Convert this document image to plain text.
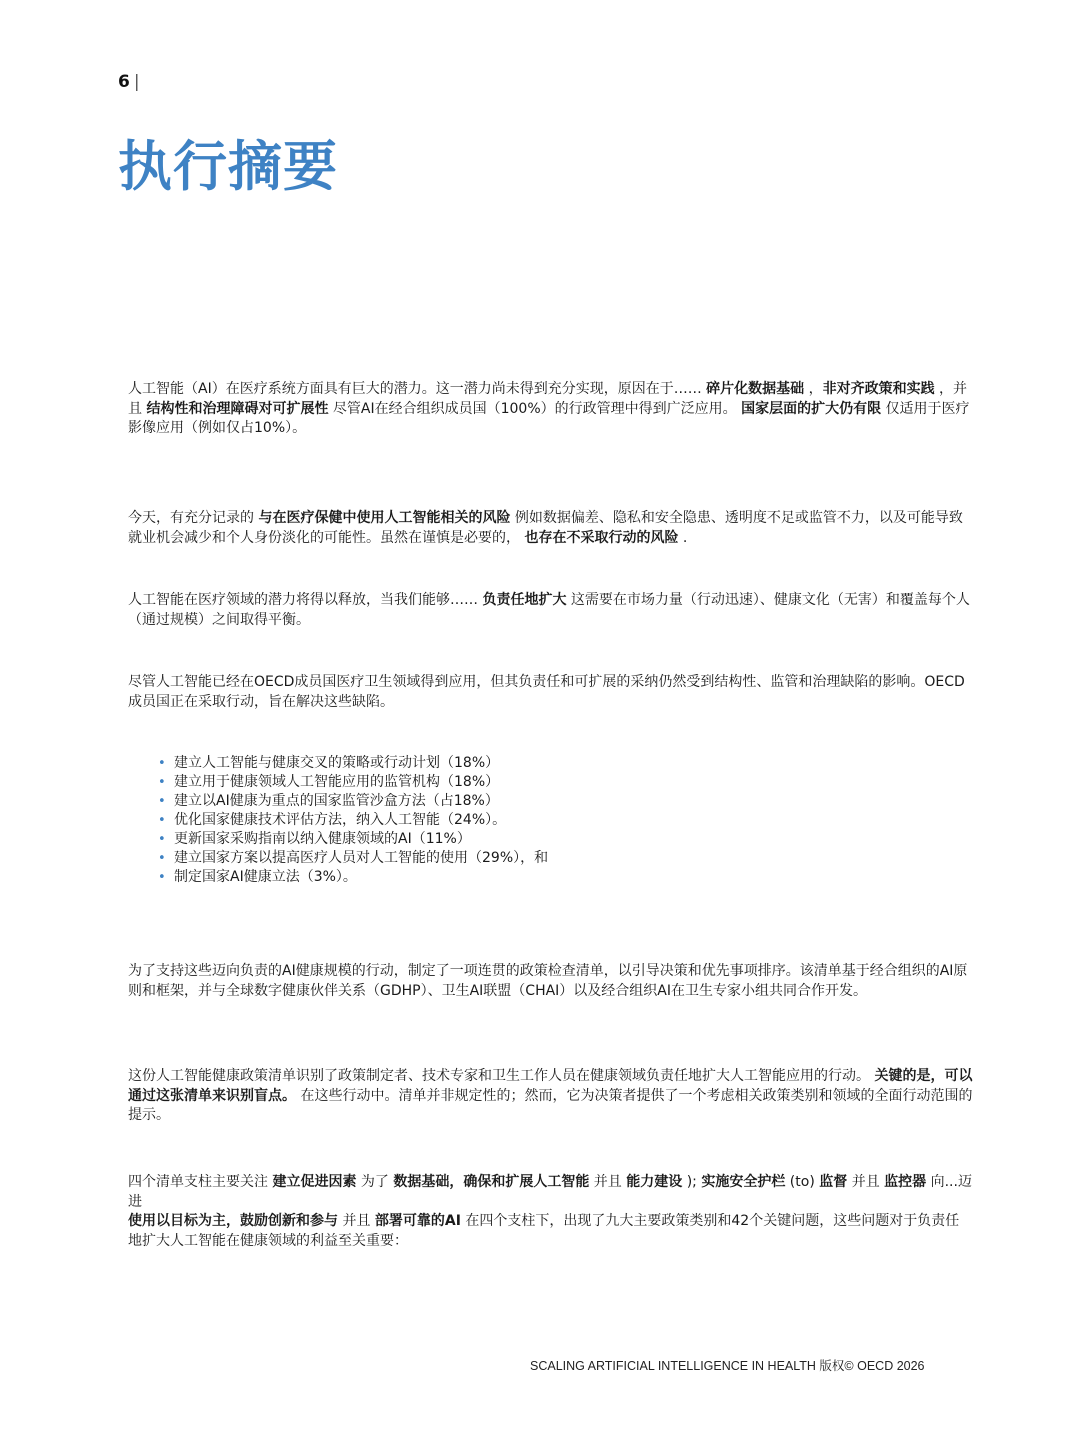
6 |
执行摘要

人工智能（AI）在医疗系统方面具有巨大的潜力。这一潜力尚未得到充分实现，原因在于…… 碎片化数据基础 ，非对齐政策和实践 ，并且 结构性和治理障碍对可扩展性 尽管AI在经合组织成员国（100%）的行政管理中得到广泛应用。 国家层面的扩大仍有限 仅适用于医疗影像应用（例如仅占10%）。

今天，有充分记录的 与在医疗保健中使用人工智能相关的风险 例如数据偏差、隐私和安全隐患、透明度不足或监管不力，以及可能导致就业机会减少和个人身份淡化的可能性。虽然在谨慎是必要的， 也存在不采取行动的风险 .

人工智能在医疗领域的潜力将得以释放，当我们能够…… 负责任地扩大 这需要在市场力量（行动迅速）、健康文化（无害）和覆盖每个人（通过规模）之间取得平衡。

尽管人工智能已经在OECD成员国医疗卫生领域得到应用，但其负责任和可扩展的采纳仍然受到结构性、监管和治理缺陷的影响。OECD成员国正在采取行动，旨在解决这些缺陷。

• 建立人工智能与健康交叉的策略或行动计划（18%）
• 建立用于健康领域人工智能应用的监管机构（18%）
• 建立以AI健康为重点的国家监管沙盒方法（占18%）
• 优化国家健康技术评估方法，纳入人工智能（24%）。
• 更新国家采购指南以纳入健康领域的AI（11%）
• 建立国家方案以提高医疗人员对人工智能的使用（29%），和
• 制定国家AI健康立法（3%）。

为了支持这些迈向负责的AI健康规模的行动，制定了一项连贯的政策检查清单，以引导决策和优先事项排序。该清单基于经合组织的AI原则和框架，并与全球数字健康伙伴关系（GDHP）、卫生AI联盟（CHAI）以及经合组织AI在卫生专家小组共同合作开发。

这份人工智能健康政策清单识别了政策制定者、技术专家和卫生工作人员在健康领域负责任地扩大人工智能应用的行动。 关键的是，可以通过这张清单来识别盲点。 在这些行动中。清单并非规定性的；然而，它为决策者提供了一个考虑相关政策类别和领域的全面行动范围的提示。

四个清单支柱主要关注 建立促进因素 为了 数据基础，确保和扩展人工智能 并且 能力建设 ); 实施安全护栏 (to) 监督 并且 监控器 向...迈进

使用以目标为主，鼓励创新和参与 并且 部署可靠的AI 在四个支柱下，出现了九大主要政策类别和42个关键问题，这些问题对于负责任地扩大人工智能在健康领域的利益至关重要：

SCALING ARTIFICIAL INTELLIGENCE IN HEALTH 版权© OECD 2026
